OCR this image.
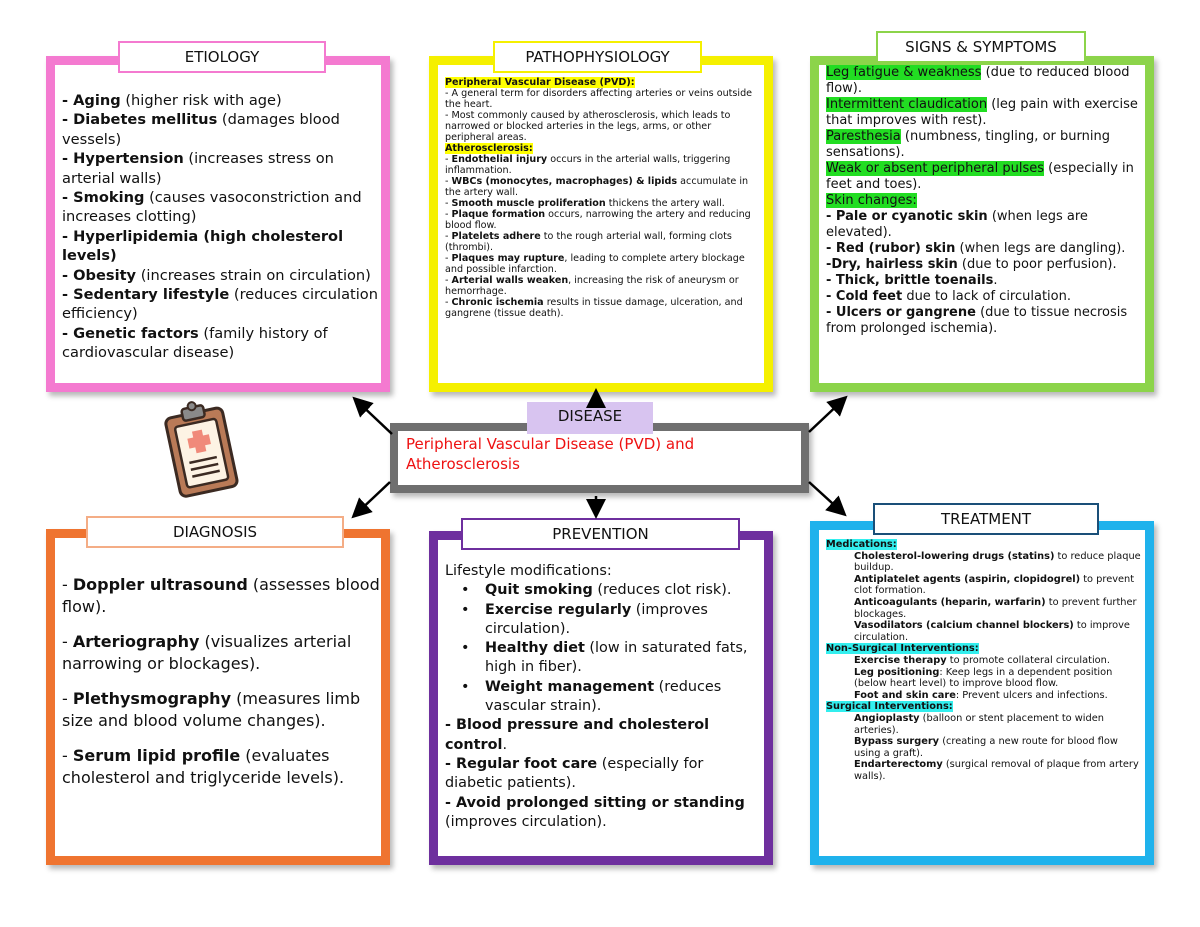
- Aging (higher risk with age)
- Diabetes mellitus (damages blood vessels)
- Hypertension (increases stress on arterial walls)
- Smoking (causes vasoconstriction and increases clotting)
- Hyperlipidemia (high cholesterol levels)
- Obesity (increases strain on circulation)
- Sedentary lifestyle (reduces circulation efficiency)
- Genetic factors (family history of cardiovascular disease)
ETIOLOGY
Peripheral Vascular Disease (PVD):
- A general term for disorders affecting arteries or veins outside the heart.
- Most commonly caused by atherosclerosis, which leads to narrowed or blocked arteries in the legs, arms, or other peripheral areas.
Atherosclerosis:
- Endothelial injury occurs in the arterial walls, triggering inflammation.
- WBCs (monocytes, macrophages) & lipids accumulate in the artery wall.
- Smooth muscle proliferation thickens the artery wall.
- Plaque formation occurs, narrowing the artery and reducing blood flow.
- Platelets adhere to the rough arterial wall, forming clots (thrombi).
- Plaques may rupture, leading to complete artery blockage and possible infarction.
- Arterial walls weaken, increasing the risk of aneurysm or hemorrhage.
- Chronic ischemia results in tissue damage, ulceration, and gangrene (tissue death).
PATHOPHYSIOLOGY
Leg fatigue & weakness (due to reduced blood flow).
Intermittent claudication (leg pain with exercise that improves with rest).
Paresthesia (numbness, tingling, or burning sensations).
Weak or absent peripheral pulses (especially in feet and toes).
Skin changes:
- Pale or cyanotic skin (when legs are elevated).
- Red (rubor) skin (when legs are dangling).
-Dry, hairless skin (due to poor perfusion).
- Thick, brittle toenails.
- Cold feet due to lack of circulation.
- Ulcers or gangrene (due to tissue necrosis from prolonged ischemia).
SIGNS & SYMPTOMS
Peripheral Vascular Disease (PVD) and Atherosclerosis
DISEASE
- Doppler ultrasound (assesses blood flow).
- Arteriography (visualizes arterial narrowing or blockages).
- Plethysmography (measures limb size and blood volume changes).
- Serum lipid profile (evaluates cholesterol and triglyceride levels).
DIAGNOSIS
Lifestyle modifications:
• Quit smoking (reduces clot risk).
• Exercise regularly (improves circulation).
• Healthy diet (low in saturated fats, high in fiber).
• Weight management (reduces vascular strain).
- Blood pressure and cholesterol control.
- Regular foot care (especially for diabetic patients).
- Avoid prolonged sitting or standing (improves circulation).
PREVENTION
Medications:
Cholesterol-lowering drugs (statins) to reduce plaque buildup.
Antiplatelet agents (aspirin, clopidogrel) to prevent clot formation.
Anticoagulants (heparin, warfarin) to prevent further blockages.
Vasodilators (calcium channel blockers) to improve circulation.
Non-Surgical Interventions:
Exercise therapy to promote collateral circulation.
Leg positioning: Keep legs in a dependent position (below heart level) to improve blood flow.
Foot and skin care: Prevent ulcers and infections.
Surgical Interventions:
Angioplasty (balloon or stent placement to widen arteries).
Bypass surgery (creating a new route for blood flow using a graft).
Endarterectomy (surgical removal of plaque from artery walls).
TREATMENT
